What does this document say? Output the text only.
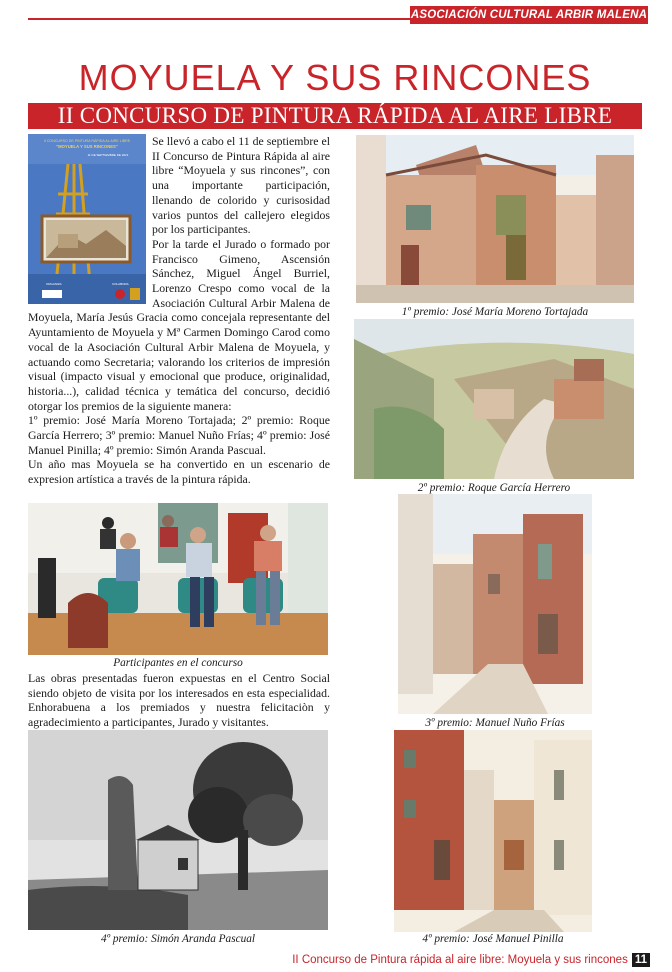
ASOCIACIÓN CULTURAL ARBIR MALENA
MOYUELA Y SUS RINCONES
II CONCURSO DE PINTURA RÁPIDA AL AIRE LIBRE
II CONCURSO DE PINTURA RÁPIDA AL AIRE LIBRE
"MOYUELA Y SUS RINCONES"
11 DE SEPTIEMBRE DE 2021
ORGANIZA	COLABORA

Se llevó a cabo el 11 de septiembre el II Concurso de Pintura Rápida al aire libre “Moyuela y sus rincones”, con una importante participación, llenando de colorido y curisosidad varios puntos del callejero elegidos por los participantes.

Por la tarde el Jurado o formado por Francisco Gimeno, Ascensión Sánchez, Miguel Ángel Burriel, Lorenzo Crespo como vocal de la Asociación Cultural Arbir Malena de Moyuela, María Jesús Gracia como concejala representante del Ayuntamiento de Moyuela y Mª Carmen Domingo Carod como vocal de la Asociación Cultural Arbir Malena de Moyuela, y actuando como Secretaria; valorando los criterios de impresión visual (impacto visual y emocional que produce, originalidad, historia...), calidad técnica y temática del concurso, decidió otorgar los premios de la siguiente manera:

1º premio: José María Moreno Tortajada; 2º premio: Roque García Herrero; 3º premio: Manuel Nuño Frías; 4º premio: José Manuel Pinilla; 4º premio: Simón Aranda Pascual.

Un año mas Moyuela se ha convertido en un escenario de expresion artística a través de la pintura rápida.

Participantes en el concurso

Las obras presentadas fueron expuestas en el Centro Social siendo objeto de visita por los interesados en esta especialidad. Enhorabuena a los premiados y nuestra felicitaciòn y agradecimiento a participantes, Jurado y visitantes.

1º premio: José María Moreno Tortajada
2º premio: Roque García Herrero
3º premio: Manuel Nuño Frías
4º premio: Simón Aranda Pascual	4º premio: José Manuel Pinilla
II Concurso de Pintura rápida al aire libre: Moyuela y sus rincones 11
